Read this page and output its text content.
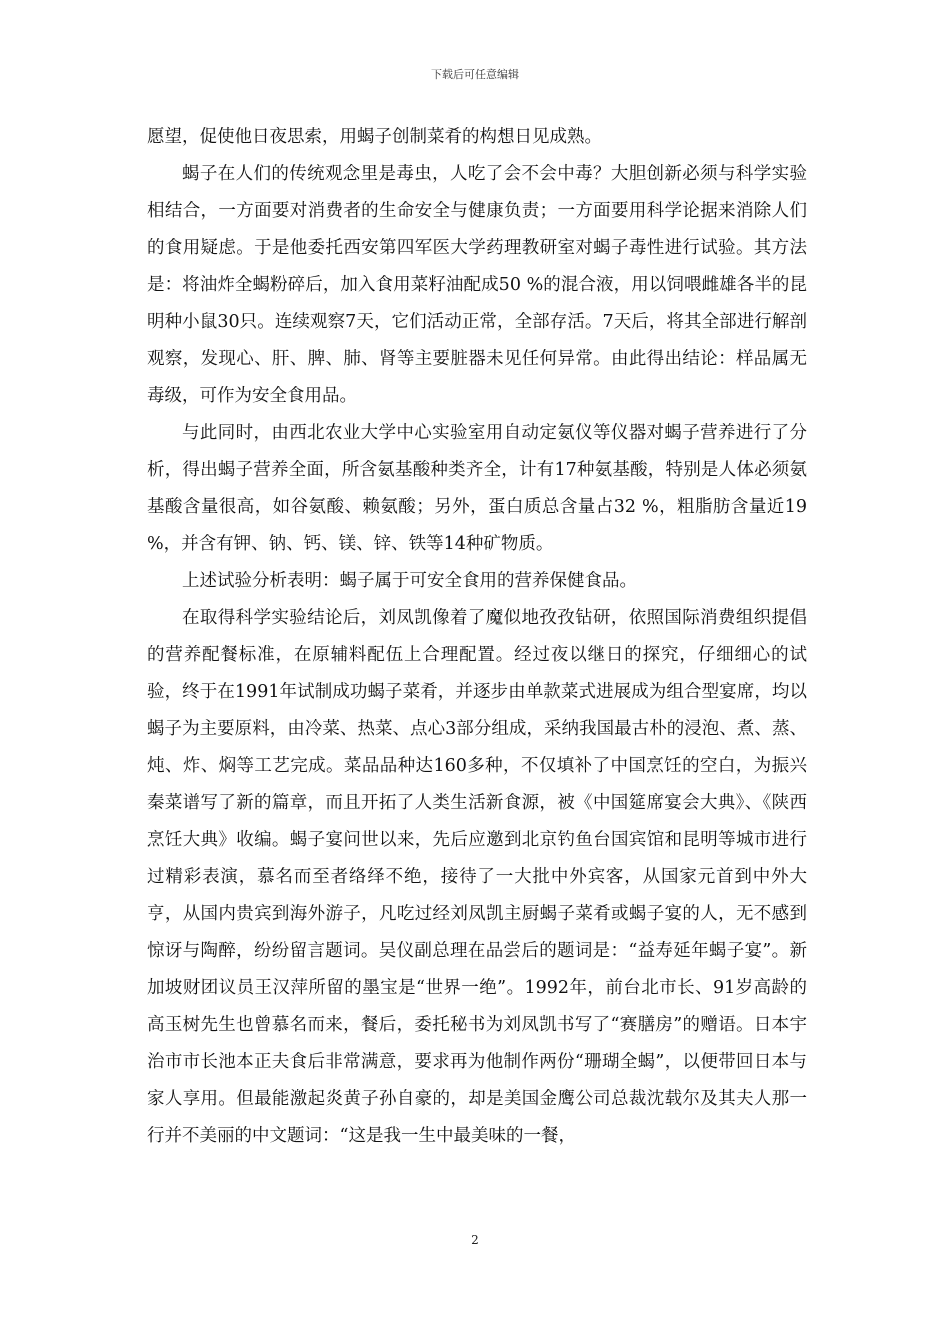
下载后可任意编辑

愿望，促使他日夜思索，用蝎子创制菜肴的构想日见成熟。

蝎子在人们的传统观念里是毒虫，人吃了会不会中毒？大胆创新必须与科学实验相结合，一方面要对消费者的生命安全与健康负责；一方面要用科学论据来消除人们的食用疑虑。于是他委托西安第四军医大学药理教研室对蝎子毒性进行试验。其方法是：将油炸全蝎粉碎后，加入食用菜籽油配成50 %的混合液，用以饲喂雌雄各半的昆明种小鼠30只。连续观察7天，它们活动正常，全部存活。7天后，将其全部进行解剖观察，发现心、肝、脾、肺、肾等主要脏器未见任何异常。由此得出结论：样品属无毒级，可作为安全食用品。

与此同时，由西北农业大学中心实验室用自动定氨仪等仪器对蝎子营养进行了分析，得出蝎子营养全面，所含氨基酸种类齐全，计有17种氨基酸，特别是人体必须氨基酸含量很高，如谷氨酸、赖氨酸；另外，蛋白质总含量占32 %，粗脂肪含量近19 %，并含有钾、钠、钙、镁、锌、铁等14种矿物质。

上述试验分析表明：蝎子属于可安全食用的营养保健食品。

在取得科学实验结论后，刘凤凯像着了魔似地孜孜钻研，依照国际消费组织提倡的营养配餐标准，在原辅料配伍上合理配置。经过夜以继日的探究，仔细细心的试验，终于在1991年试制成功蝎子菜肴，并逐步由单款菜式进展成为组合型宴席，均以蝎子为主要原料，由冷菜、热菜、点心3部分组成，采纳我国最古朴的浸泡、煮、蒸、炖、炸、焖等工艺完成。菜品品种达160多种，不仅填补了中国烹饪的空白，为振兴秦菜谱写了新的篇章，而且开拓了人类生活新食源，被《中国筵席宴会大典》、《陕西烹饪大典》收编。蝎子宴问世以来，先后应邀到北京钓鱼台国宾馆和昆明等城市进行过精彩表演，慕名而至者络绎不绝，接待了一大批中外宾客，从国家元首到中外大亨，从国内贵宾到海外游子，凡吃过经刘凤凯主厨蝎子菜肴或蝎子宴的人，无不感到惊讶与陶醉，纷纷留言题词。吴仪副总理在品尝后的题词是：“益寿延年蝎子宴”。新加坡财团议员王汉萍所留的墨宝是“世界一绝”。1992年，前台北市长、91岁高龄的高玉树先生也曾慕名而来，餐后，委托秘书为刘凤凯书写了“赛膳房”的赠语。日本宇治市市长池本正夫食后非常满意，要求再为他制作两份“珊瑚全蝎”，以便带回日本与家人享用。但最能激起炎黄子孙自豪的，却是美国金鹰公司总裁沈载尔及其夫人那一行并不美丽的中文题词：“这是我一生中最美味的一餐，

2
